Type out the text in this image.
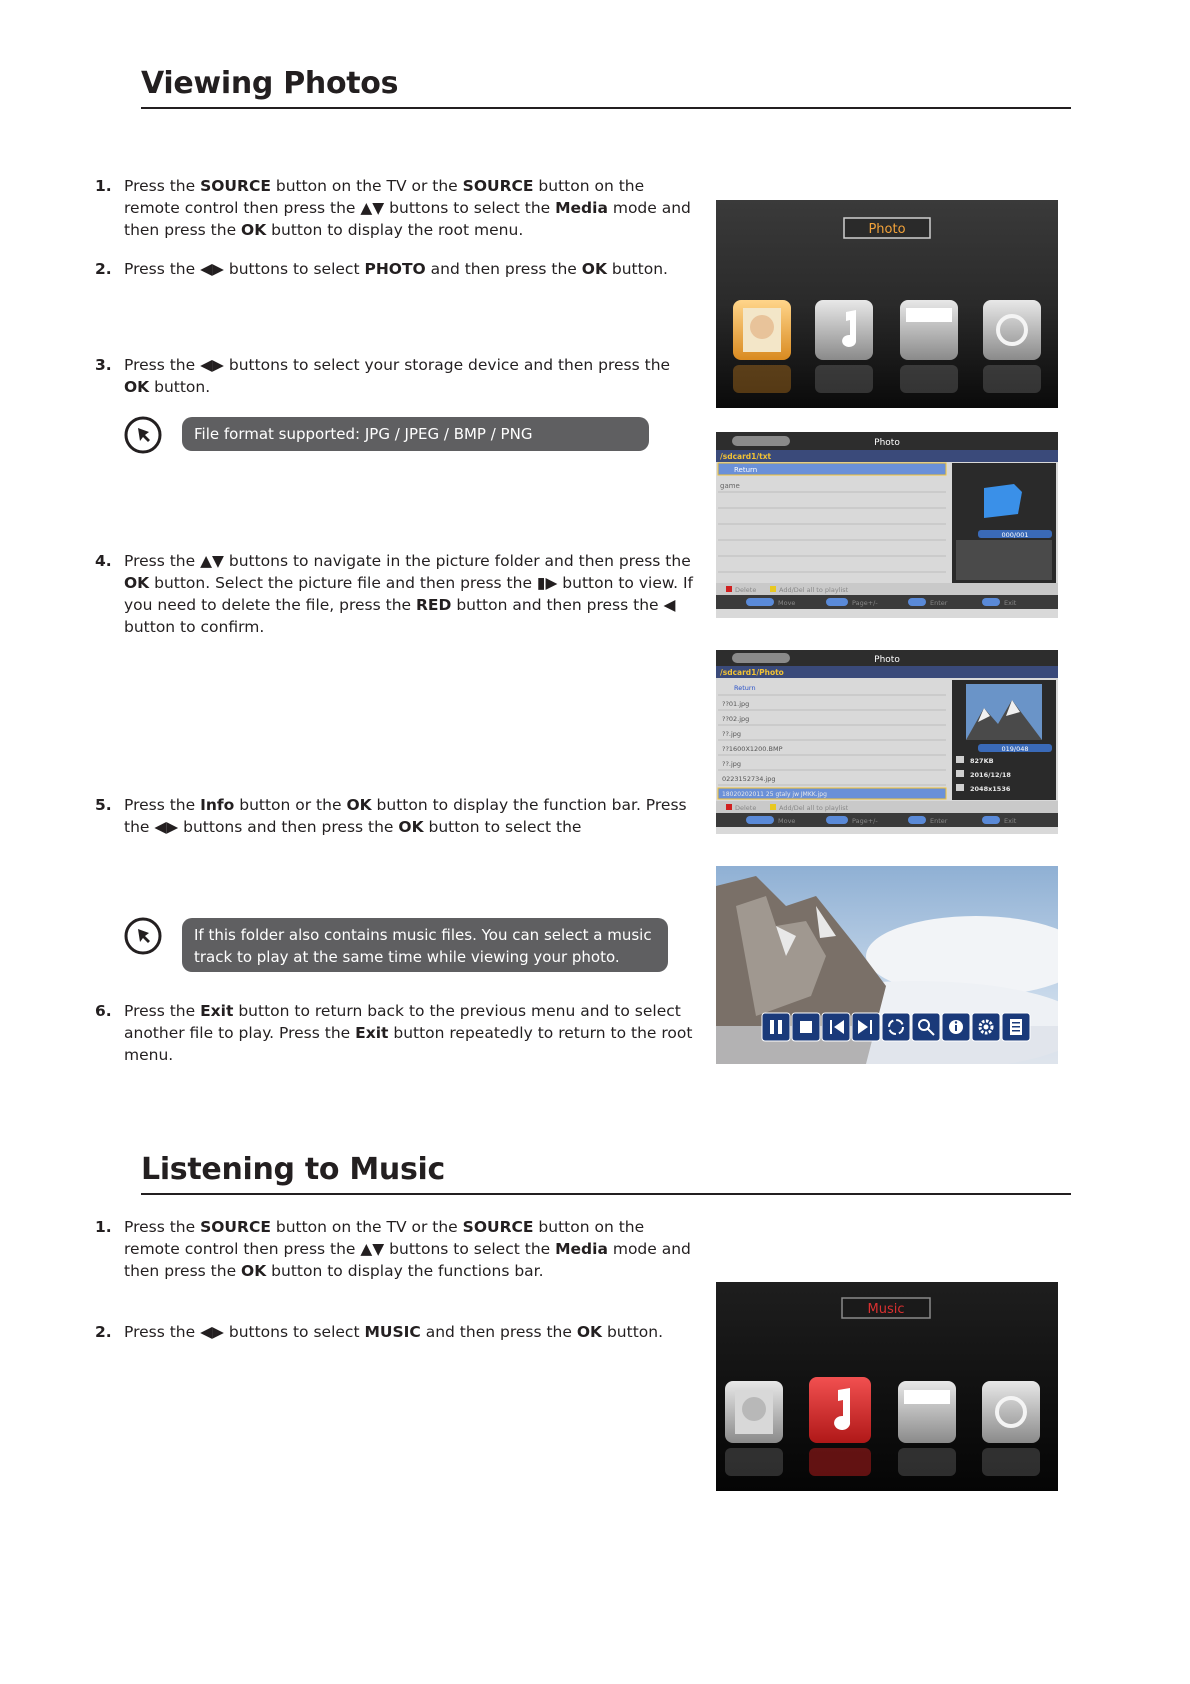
Viewing Photos
1. Press the SOURCE button on the TV or the SOURCE button on the remote control then press the ▲▼ buttons to select the Media mode and then press the OK button to display the root menu.
2. Press the ◀▶ buttons to select PHOTO and then press the OK button.
3. Press the ◀▶ buttons to select your storage device and then press the OK button.
File format supported: JPG / JPEG / BMP / PNG
4. Press the ▲▼ buttons to navigate in the picture folder and then press the OK button. Select the picture file and then press the ▮▶ button to view. If you need to delete the file, press the RED button and then press the ◀ button to confirm.
5. Press the Info button or the OK button to display the function bar. Press the ◀▶ buttons and then press the OK button to select the
If this folder also contains music files. You can select a music track to play at the same time while viewing your photo.
6. Press the Exit button to return back to the previous menu and to select another file to play. Press the Exit button repeatedly to return to the root menu.
Listening to Music
1. Press the SOURCE button on the TV or the SOURCE button on the remote control then press the ▲▼ buttons to select the Media mode and then press the OK button to display the functions bar.
2. Press the ◀▶ buttons to select MUSIC and then press the OK button.
Photo
Photo
/sdcard1/txt
Return
game
000/001
Delete	Add/Del all to playlist
Move	Page+/-	Enter	Exit
Photo
/sdcard1/Photo
Return
??01.jpg
??02.jpg
??.jpg
??1600X1200.BMP
??.jpg
0223152734.jpg
18020202011 25 gtaly jw JMKK.jpg
019/048
827KB
2016/12/18
2048x1536
Delete	Add/Del all to playlist
Move	Page+/-	Enter	Exit
Music
